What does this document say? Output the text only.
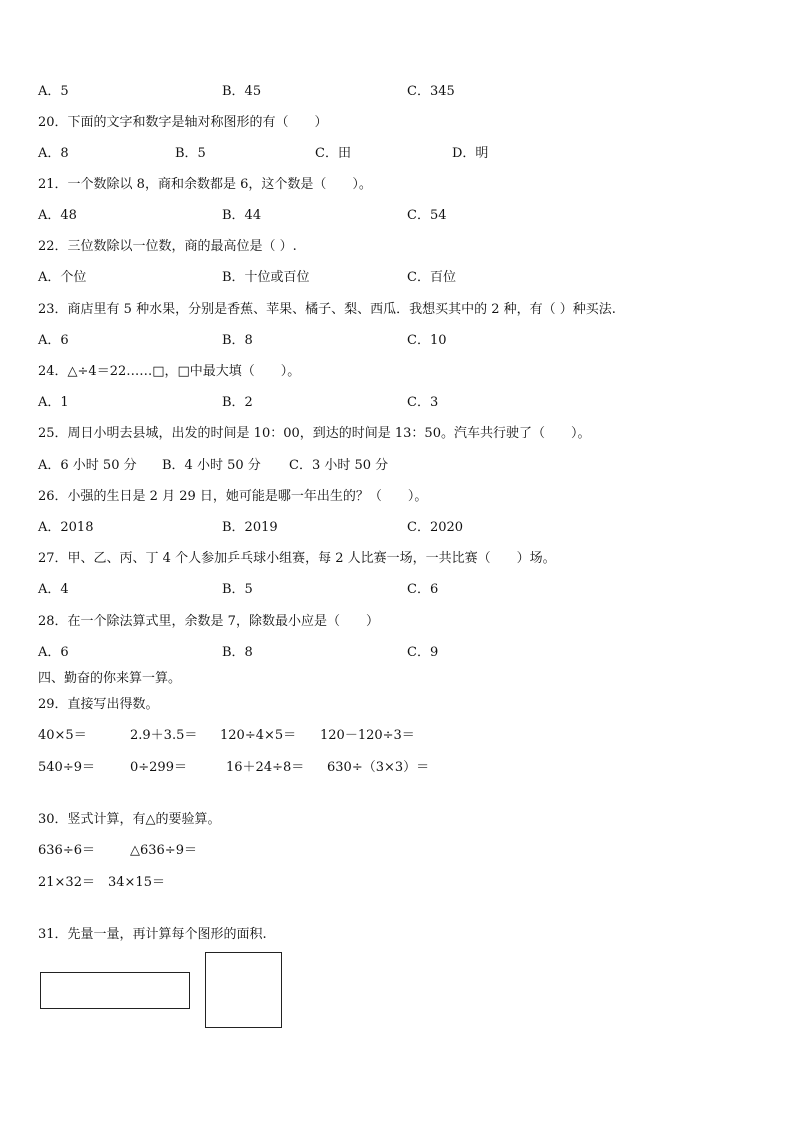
A．5	B．45	C．345
20．下面的文字和数字是轴对称图形的有（　　）
A．8	B．5	C．田	D．明
21．一个数除以 8，商和余数都是 6，这个数是（　　）。
A．48	B．44	C．54
22．三位数除以一位数，商的最高位是（ ）.
A．个位	B．十位或百位	C．百位
23．商店里有 5 种水果，分别是香蕉、苹果、橘子、梨、西瓜．我想买其中的 2 种，有（ ）种买法.
A．6	B．8	C．10
24．△÷4＝22……□，□中最大填（　　）。
A．1	B．2	C．3
25．周日小明去县城，出发的时间是 10：00，到达的时间是 13：50。汽车共行驶了（　　）。
A．6 小时 50 分 B．4 小时 50 分 C．3 小时 50 分
26．小强的生日是 2 月 29 日，她可能是哪一年出生的？（　　）。
A．2018	B．2019	C．2020
27．甲、乙、丙、丁 4 个人参加乒乓球小组赛，每 2 人比赛一场，一共比赛（　　）场。
A．4	B．5	C．6
28．在一个除法算式里，余数是 7，除数最小应是（　　）
A．6	B．8	C．9
四、勤奋的你来算一算。
29．直接写出得数。
40×5＝	2.9＋3.5＝ 120÷4×5＝ 120－120÷3＝
540÷9＝	0÷299＝	16＋24÷8＝ 630÷（3×3）＝
30．竖式计算，有△的要验算。
636÷6＝	△636÷9＝
21×32＝ 34×15＝
31．先量一量，再计算每个图形的面积.
